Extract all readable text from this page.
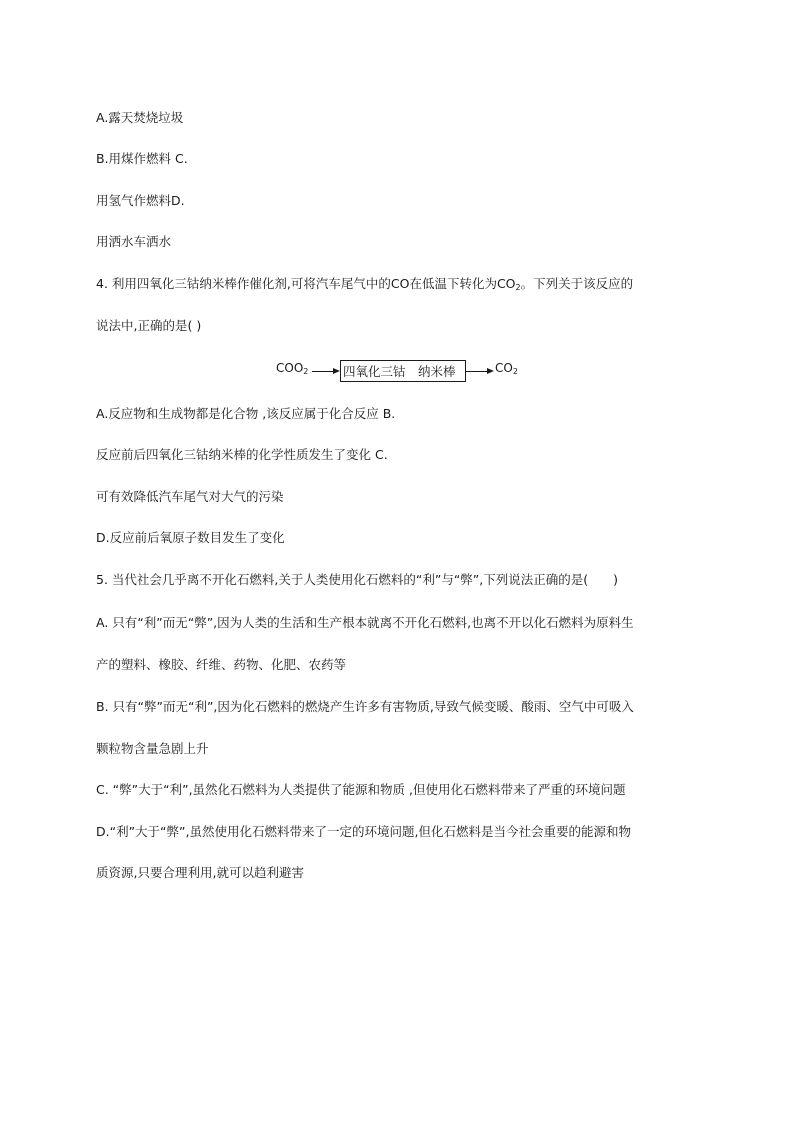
A.露天焚烧垃圾
B.用煤作燃料 C.
用氢气作燃料D.
用洒水车洒水
4. 利用四氧化三钴纳米棒作催化剂,可将汽车尾气中的CO在低温下转化为$CO_2$。下列关于该反应的
说法中,正确的是( )
$COO_2$	四氧化三钴　纳米棒	$CO_2$
A.反应物和生成物都是化合物 ,该反应属于化合反应 B.
反应前后四氧化三钴纳米棒的化学性质发生了变化 C.
可有效降低汽车尾气对大气的污染
D.反应前后氧原子数目发生了变化
5. 当代社会几乎离不开化石燃料,关于人类使用化石燃料的“利”与“弊”,下列说法正确的是(　　)
A. 只有“利”而无“弊”,因为人类的生活和生产根本就离不开化石燃料,也离不开以化石燃料为原料生
产的塑料、橡胶、纤维、药物、化肥、农药等
B. 只有“弊”而无“利”,因为化石燃料的燃烧产生许多有害物质,导致气候变暖、酸雨、空气中可吸入
颗粒物含量急剧上升
C. “弊”大于“利”,虽然化石燃料为人类提供了能源和物质 ,但使用化石燃料带来了严重的环境问题
D.“利”大于“弊”,虽然使用化石燃料带来了一定的环境问题,但化石燃料是当今社会重要的能源和物
质资源,只要合理利用,就可以趋利避害
